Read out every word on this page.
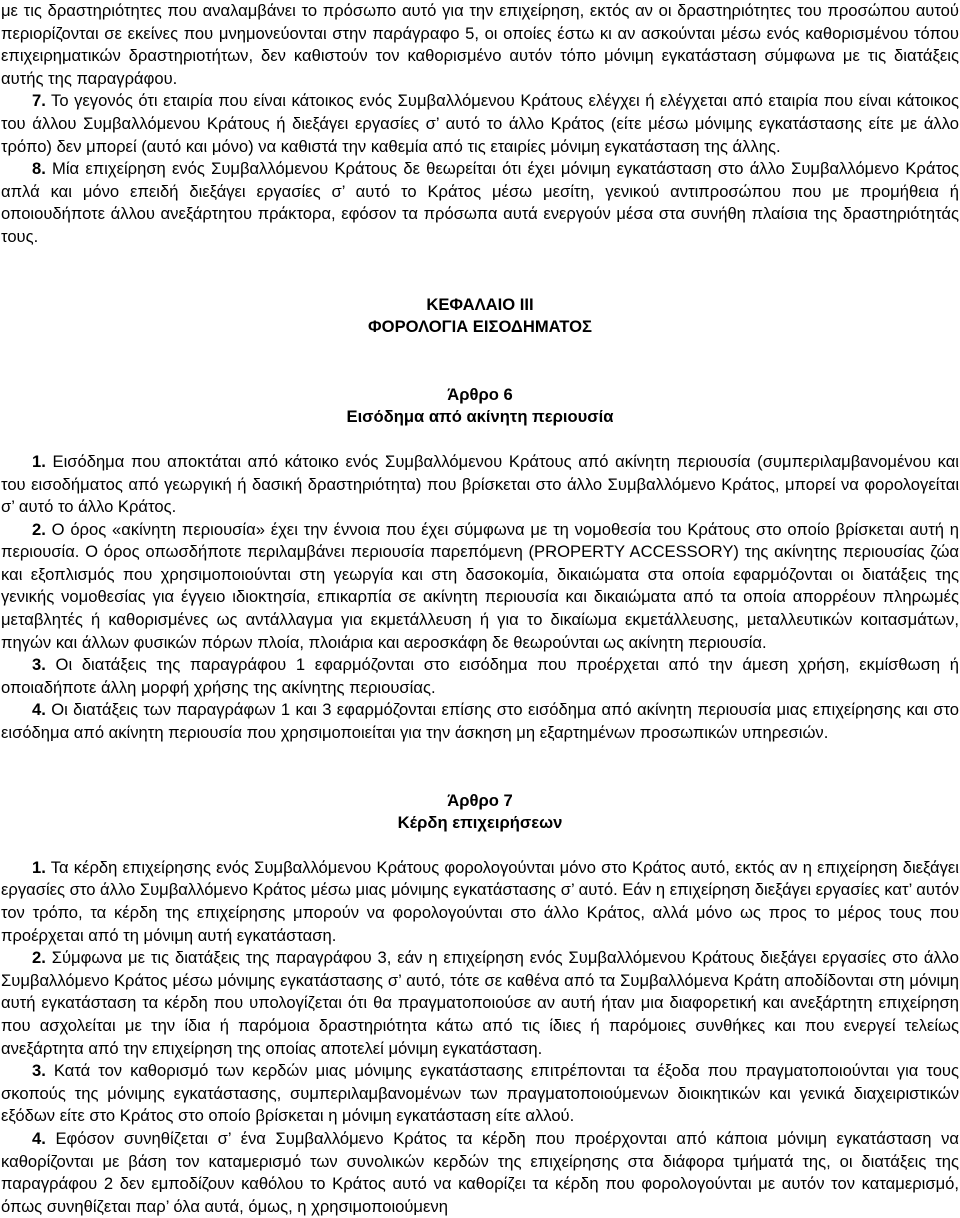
με τις δραστηριότητες που αναλαμβάνει το πρόσωπο αυτό για την επιχείρηση, εκτός αν οι δραστηριότητες του προσώπου αυτού περιορίζονται σε εκείνες που μνημονεύονται στην παράγραφο 5, οι οποίες έστω κι αν ασκούνται μέσω ενός καθορισμένου τόπου επιχειρηματικών δραστηριοτήτων, δεν καθιστούν τον καθορισμένο αυτόν τόπο μόνιμη εγκατάσταση σύμφωνα με τις διατάξεις αυτής της παραγράφου.

7. Το γεγονός ότι εταιρία που είναι κάτοικος ενός Συμβαλλόμενου Κράτους ελέγχει ή ελέγχεται από εταιρία που είναι κάτοικος του άλλου Συμβαλλόμενου Κράτους ή διεξάγει εργασίες σ’ αυτό το άλλο Κράτος (είτε μέσω μόνιμης εγκατάστασης είτε με άλλο τρόπο) δεν μπορεί (αυτό και μόνο) να καθιστά την καθεμία από τις εταιρίες μόνιμη εγκατάσταση της άλλης.

8. Μία επιχείρηση ενός Συμβαλλόμενου Κράτους δε θεωρείται ότι έχει μόνιμη εγκατάσταση στο άλλο Συμβαλλόμενο Κράτος απλά και μόνο επειδή διεξάγει εργασίες σ’ αυτό το Κράτος μέσω μεσίτη, γενικού αντιπροσώπου που με προμήθεια ή οποιουδήποτε άλλου ανεξάρτητου πράκτορα, εφόσον τα πρόσωπα αυτά ενεργούν μέσα στα συνήθη πλαίσια της δραστηριότητάς τους.

ΚΕΦΑΛΑΙΟ ΙΙΙ

ΦΟΡΟΛΟΓΙΑ ΕΙΣΟΔΗΜΑΤΟΣ

Άρθρο 6

Εισόδημα από ακίνητη περιουσία

1. Εισόδημα που αποκτάται από κάτοικο ενός Συμβαλλόμενου Κράτους από ακίνητη περιουσία (συμπεριλαμβανομένου και του εισοδήματος από γεωργική ή δασική δραστηριότητα) που βρίσκεται στο άλλο Συμβαλλόμενο Κράτος, μπορεί να φορολογείται σ’ αυτό το άλλο Κράτος.

2. Ο όρος «ακίνητη περιουσία» έχει την έννοια που έχει σύμφωνα με τη νομοθεσία του Κράτους στο οποίο βρίσκεται αυτή η περιουσία. Ο όρος οπωσδήποτε περιλαμβάνει περιουσία παρεπόμενη (PROPERTY ACCESSORY) της ακίνητης περιουσίας ζώα και εξοπλισμός που χρησιμοποιούνται στη γεωργία και στη δασοκομία, δικαιώματα στα οποία εφαρμόζονται οι διατάξεις της γενικής νομοθεσίας για έγγειο ιδιοκτησία, επικαρπία σε ακίνητη περιουσία και δικαιώματα από τα οποία απορρέουν πληρωμές μεταβλητές ή καθορισμένες ως αντάλλαγμα για εκμετάλλευση ή για το δικαίωμα εκμετάλλευσης, μεταλλευτικών κοιτασμάτων, πηγών και άλλων φυσικών πόρων πλοία, πλοιάρια και αεροσκάφη δε θεωρούνται ως ακίνητη περιουσία.

3. Οι διατάξεις της παραγράφου 1 εφαρμόζονται στο εισόδημα που προέρχεται από την άμεση χρήση, εκμίσθωση ή οποιαδήποτε άλλη μορφή χρήσης της ακίνητης περιουσίας.

4. Οι διατάξεις των παραγράφων 1 και 3 εφαρμόζονται επίσης στο εισόδημα από ακίνητη περιουσία μιας επιχείρησης και στο εισόδημα από ακίνητη περιουσία που χρησιμοποιείται για την άσκηση μη εξαρτημένων προσωπικών υπηρεσιών.

Άρθρο 7

Κέρδη επιχειρήσεων

1. Τα κέρδη επιχείρησης ενός Συμβαλλόμενου Κράτους φορολογούνται μόνο στο Κράτος αυτό, εκτός αν η επιχείρηση διεξάγει εργασίες στο άλλο Συμβαλλόμενο Κράτος μέσω μιας μόνιμης εγκατάστασης σ’ αυτό. Εάν η επιχείρηση διεξάγει εργασίες κατ’ αυτόν τον τρόπο, τα κέρδη της επιχείρησης μπορούν να φορολογούνται στο άλλο Κράτος, αλλά μόνο ως προς το μέρος τους που προέρχεται από τη μόνιμη αυτή εγκατάσταση.

2. Σύμφωνα με τις διατάξεις της παραγράφου 3, εάν η επιχείρηση ενός Συμβαλλόμενου Κράτους διεξάγει εργασίες στο άλλο Συμβαλλόμενο Κράτος μέσω μόνιμης εγκατάστασης σ’ αυτό, τότε σε καθένα από τα Συμβαλλόμενα Κράτη αποδίδονται στη μόνιμη αυτή εγκατάσταση τα κέρδη που υπολογίζεται ότι θα πραγματοποιούσε αν αυτή ήταν μια διαφορετική και ανεξάρτητη επιχείρηση που ασχολείται με την ίδια ή παρόμοια δραστηριότητα κάτω από τις ίδιες ή παρόμοιες συνθήκες και που ενεργεί τελείως ανεξάρτητα από την επιχείρηση της οποίας αποτελεί μόνιμη εγκατάσταση.

3. Κατά τον καθορισμό των κερδών μιας μόνιμης εγκατάστασης επιτρέπονται τα έξοδα που πραγματοποιούνται για τους σκοπούς της μόνιμης εγκατάστασης, συμπεριλαμβανομένων των πραγματοποιούμενων διοικητικών και γενικά διαχειριστικών εξόδων είτε στο Κράτος στο οποίο βρίσκεται η μόνιμη εγκατάσταση είτε αλλού.

4. Εφόσον συνηθίζεται σ’ ένα Συμβαλλόμενο Κράτος τα κέρδη που προέρχονται από κάποια μόνιμη εγκατάσταση να καθορίζονται με βάση τον καταμερισμό των συνολικών κερδών της επιχείρησης στα διάφορα τμήματά της, οι διατάξεις της παραγράφου 2 δεν εμποδίζουν καθόλου το Κράτος αυτό να καθορίζει τα κέρδη που φορολογούνται με αυτόν τον καταμερισμό, όπως συνηθίζεται παρ’ όλα αυτά, όμως, η χρησιμοποιούμενη
